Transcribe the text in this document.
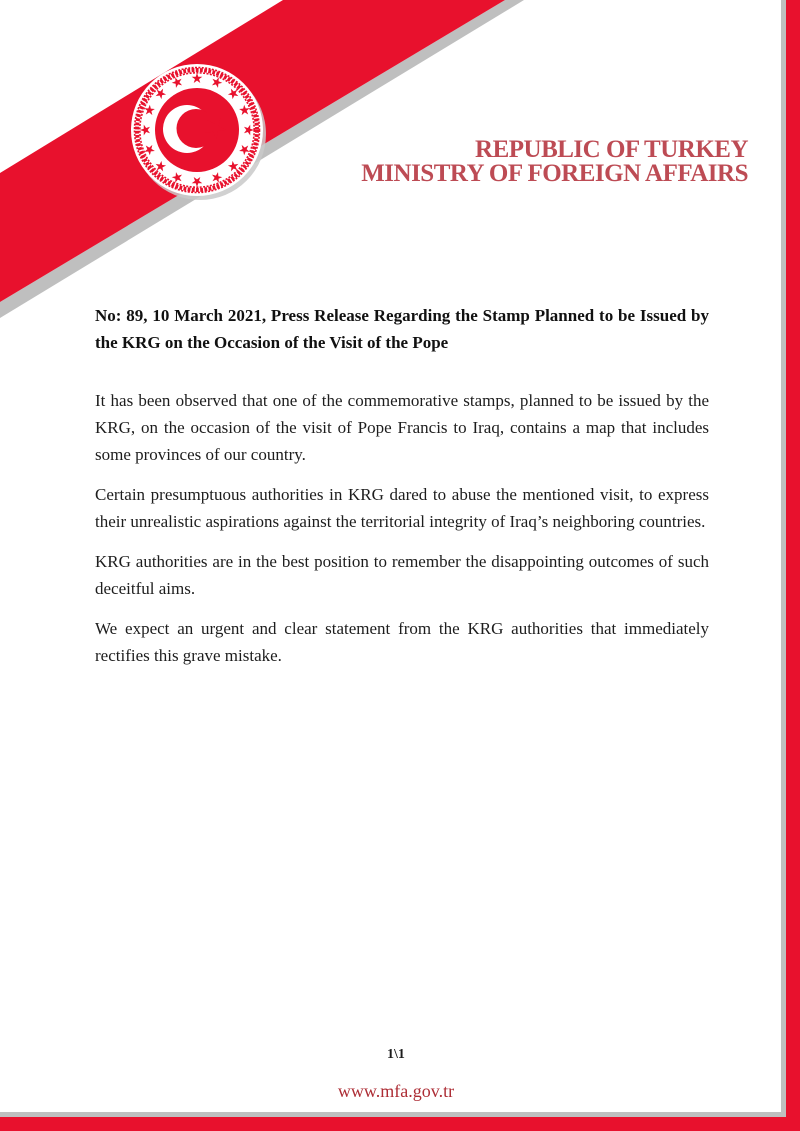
REPUBLIC OF TURKEY
MINISTRY OF FOREIGN AFFAIRS
No: 89, 10 March 2021, Press Release Regarding the Stamp Planned to be Issued by the KRG on the Occasion of the Visit of the Pope

It has been observed that one of the commemorative stamps, planned to be issued by the KRG, on the occasion of the visit of Pope Francis to Iraq, contains a map that includes some provinces of our country.

Certain presumptuous authorities in KRG dared to abuse the mentioned visit, to express their unrealistic aspirations against the territorial integrity of Iraq’s neighboring countries.

KRG authorities are in the best position to remember the disappointing outcomes of such deceitful aims.

We expect an urgent and clear statement from the KRG authorities that immediately rectifies this grave mistake.

1\1
www.mfa.gov.tr
